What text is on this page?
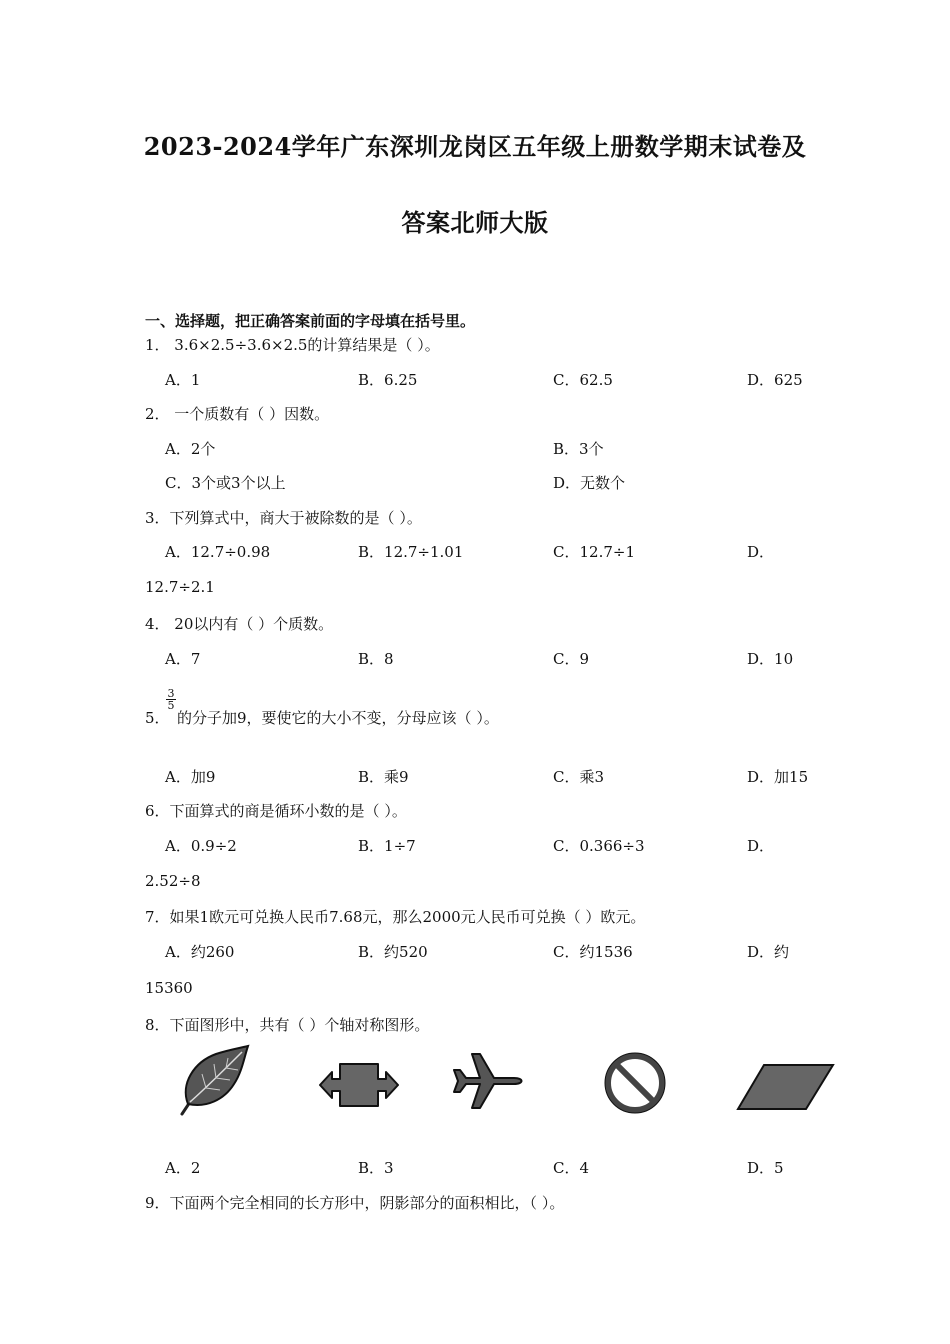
2023-2024学年广东深圳龙岗区五年级上册数学期末试卷及
答案北师大版
一、选择题，把正确答案前面的字母填在括号里。
1． 3.6×2.5÷3.6×2.5的计算结果是（ ）。
A．1	B．6.25	C．62.5	D．625
2． 一个质数有（ ）因数。
A．2个	B．3个
C．3个或3个以上	D．无数个
3．下列算式中，商大于被除数的是（ ）。
A．12.7÷0.98	B．12.7÷1.01	C．12.7÷1	D．
12.7÷2.1
4． 20以内有（ ）个质数。
A．7	B．8	C．9	D．10
5．
3
5
的分子加9，要使它的大小不变，分母应该（ ）。
A．加9	B．乘9	C．乘3	D．加15
6．下面算式的商是循环小数的是（ ）。
A．0.9÷2	B．1÷7	C．0.366÷3	D．
2.52÷8
7．如果1欧元可兑换人民币7.68元，那么2000元人民币可兑换（ ）欧元。
A．约260	B．约520	C．约1536	D．约
15360
8．下面图形中，共有（ ）个轴对称图形。
A．2	B．3	C．4	D．5
9．下面两个完全相同的长方形中，阴影部分的面积相比，（ ）。
